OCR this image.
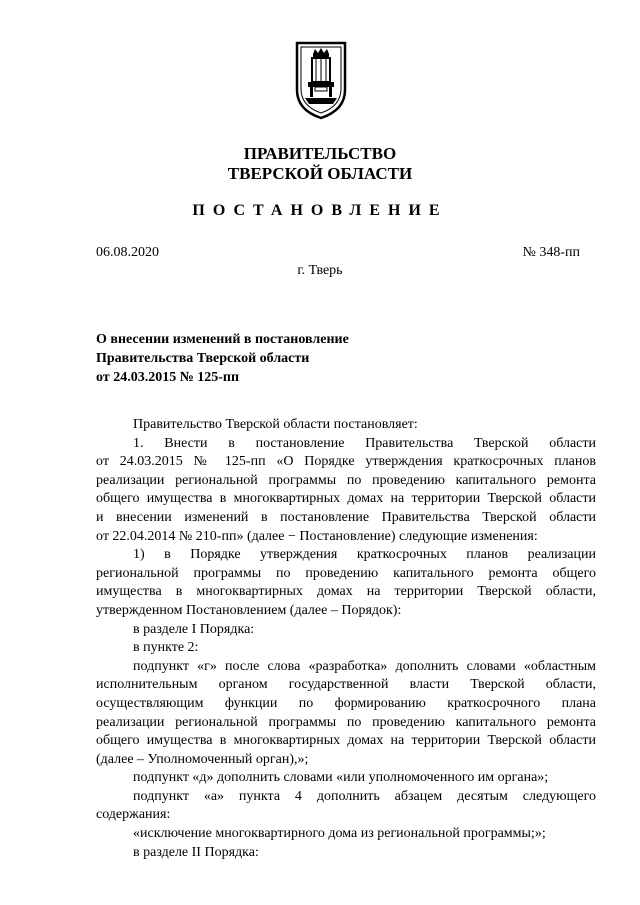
ПРАВИТЕЛЬСТВО
ТВЕРСКОЙ ОБЛАСТИ
ПОСТАНОВЛЕНИЕ
06.08.2020	№ 348-пп
г. Тверь
О внесении изменений в постановление
Правительства Тверской области
от 24.03.2015 № 125-пп
Правительство Тверской области постановляет:
1. Внести в постановление Правительства Тверской области
от 24.03.2015 № 125-пп «О Порядке утверждения краткосрочных планов
реализации региональной программы по проведению капитального ремонта
общего имущества в многоквартирных домах на территории Тверской области
и внесении изменений в постановление Правительства Тверской области
от 22.04.2014 № 210-пп» (далее − Постановление) следующие изменения:
1) в Порядке утверждения краткосрочных планов реализации
региональной программы по проведению капитального ремонта общего
имущества в многоквартирных домах на территории Тверской области,
утвержденном Постановлением (далее – Порядок):
в разделе I Порядка:
в пункте 2:
подпункт «г» после слова «разработка» дополнить словами «областным
исполнительным органом государственной власти Тверской области,
осуществляющим функции по формированию краткосрочного плана
реализации региональной программы по проведению капитального ремонта
общего имущества в многоквартирных домах на территории Тверской области
(далее – Уполномоченный орган),»;
подпункт «д» дополнить словами «или уполномоченного им органа»;
подпункт «а» пункта 4 дополнить абзацем десятым следующего
содержания:
«исключение многоквартирного дома из региональной программы;»;
в разделе II Порядка:
